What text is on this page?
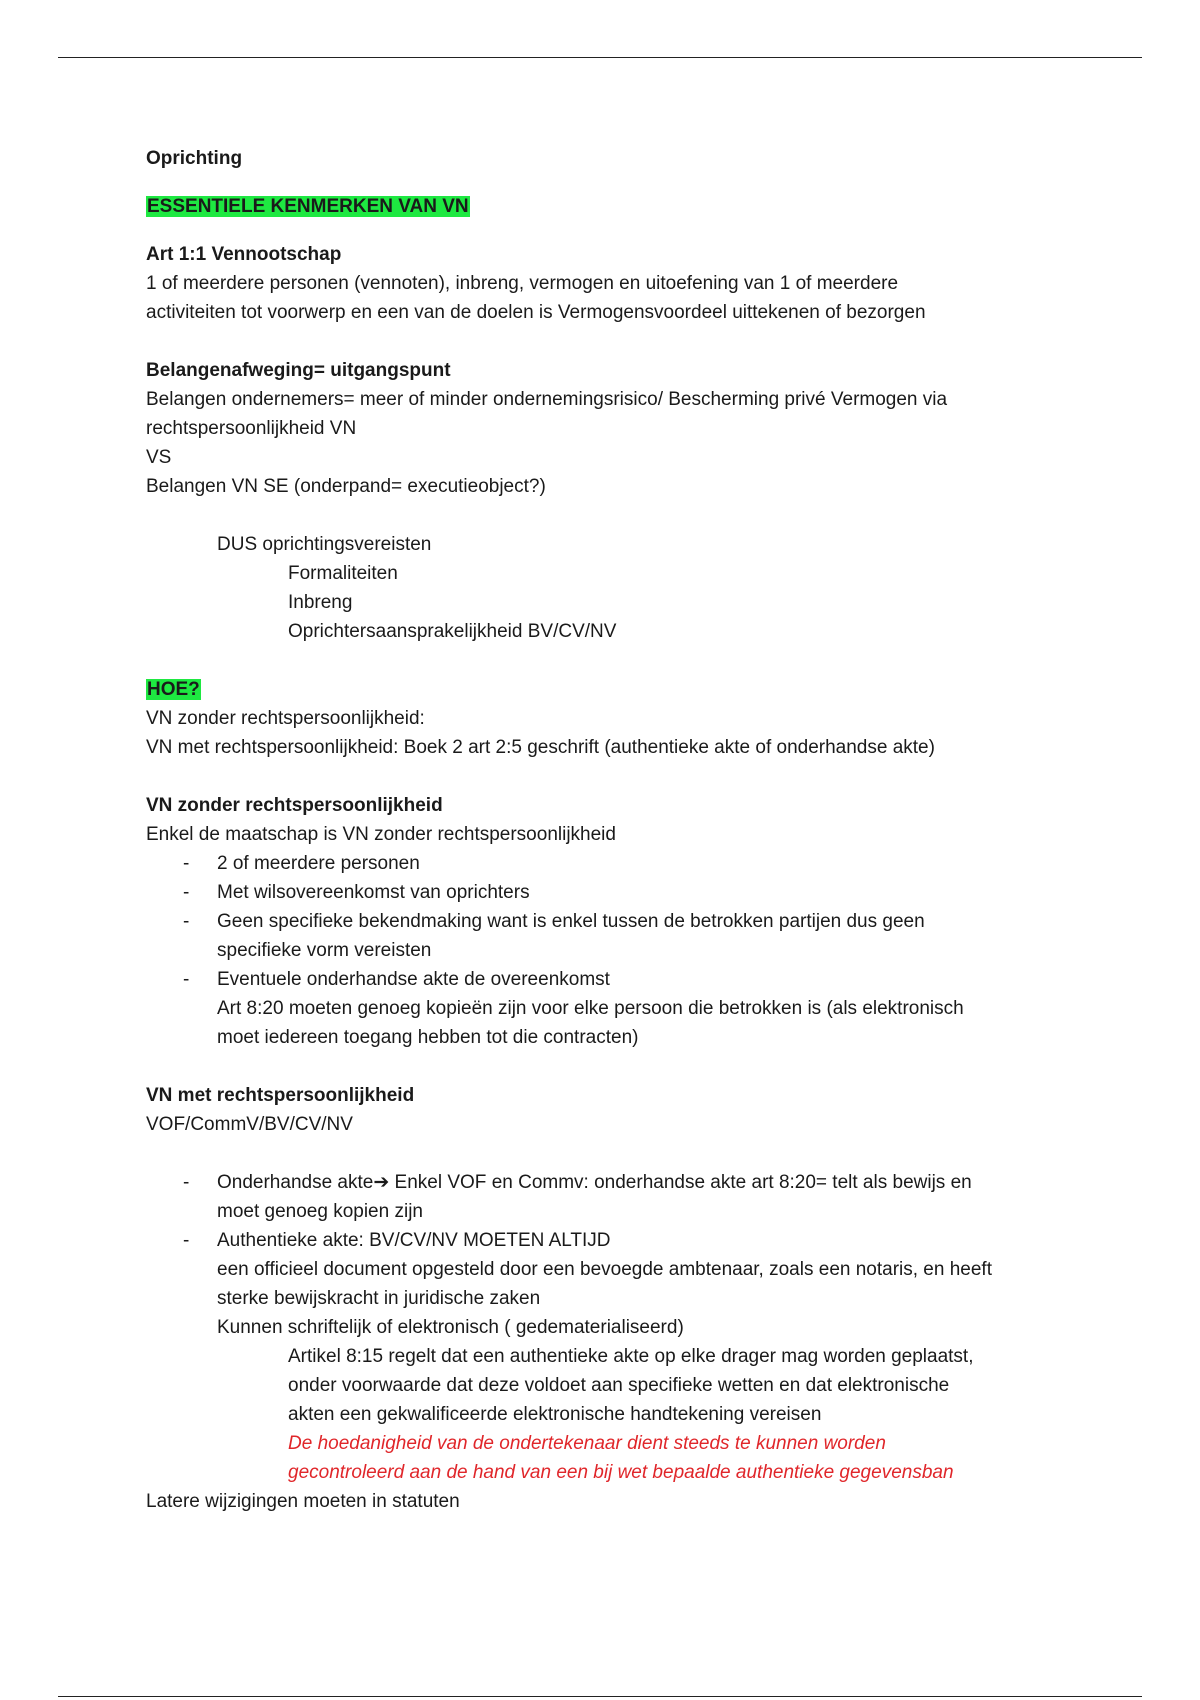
Oprichting
ESSENTIELE KENMERKEN VAN VN
Art 1:1 Vennootschap
1 of meerdere personen (vennoten), inbreng, vermogen en uitoefening van 1 of meerdere
activiteiten tot voorwerp en een van de doelen is Vermogensvoordeel uittekenen of bezorgen
Belangenafweging= uitgangspunt
Belangen ondernemers= meer of minder ondernemingsrisico/ Bescherming privé Vermogen via
rechtspersoonlijkheid VN
VS
Belangen VN SE (onderpand= executieobject?)
DUS oprichtingsvereisten
Formaliteiten
Inbreng
Oprichtersaansprakelijkheid BV/CV/NV
HOE?
VN zonder rechtspersoonlijkheid:
VN met rechtspersoonlijkheid: Boek 2 art 2:5 geschrift (authentieke akte of onderhandse akte)
VN zonder rechtspersoonlijkheid
Enkel de maatschap is VN zonder rechtspersoonlijkheid
- 2 of meerdere personen
- Met wilsovereenkomst van oprichters
- Geen specifieke bekendmaking want is enkel tussen de betrokken partijen dus geen
specifieke vorm vereisten
- Eventuele onderhandse akte de overeenkomst
Art 8:20 moeten genoeg kopieën zijn voor elke persoon die betrokken is (als elektronisch
moet iedereen toegang hebben tot die contracten)
VN met rechtspersoonlijkheid
VOF/CommV/BV/CV/NV
- Onderhandse akte➔ Enkel VOF en Commv: onderhandse akte art 8:20= telt als bewijs en
moet genoeg kopien zijn
- Authentieke akte: BV/CV/NV MOETEN ALTIJD
een officieel document opgesteld door een bevoegde ambtenaar, zoals een notaris, en heeft
sterke bewijskracht in juridische zaken
Kunnen schriftelijk of elektronisch ( gedematerialiseerd)
Artikel 8:15 regelt dat een authentieke akte op elke drager mag worden geplaatst,
onder voorwaarde dat deze voldoet aan specifieke wetten en dat elektronische
akten een gekwalificeerde elektronische handtekening vereisen
De hoedanigheid van de ondertekenaar dient steeds te kunnen worden
gecontroleerd aan de hand van een bij wet bepaalde authentieke gegevensban
Latere wijzigingen moeten in statuten
